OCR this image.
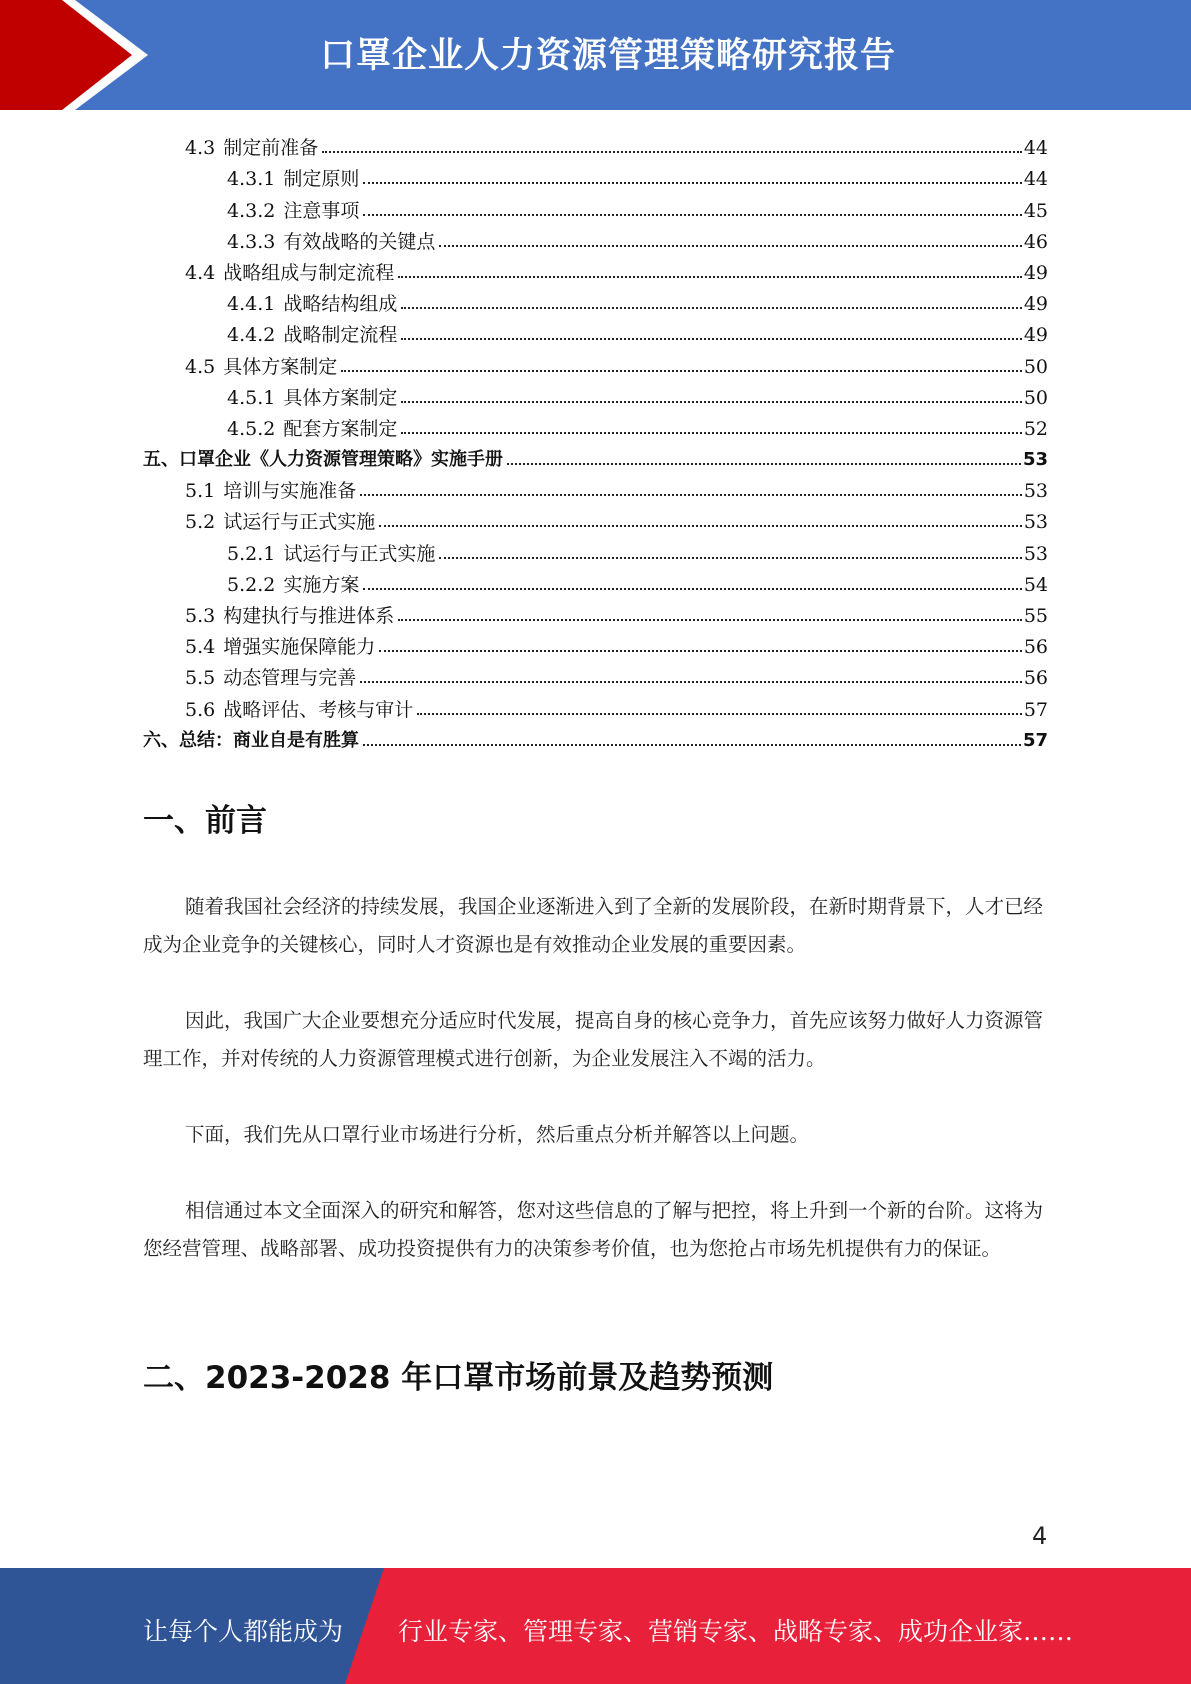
口罩企业人力资源管理策略研究报告
4.3 制定前准备	44
4.3.1 制定原则	44
4.3.2 注意事项	45
4.3.3 有效战略的关键点	46
4.4 战略组成与制定流程	49
4.4.1 战略结构组成	49
4.4.2 战略制定流程	49
4.5 具体方案制定	50
4.5.1 具体方案制定	50
4.5.2 配套方案制定	52
五、口罩企业《人力资源管理策略》实施手册	53
5.1 培训与实施准备	53
5.2 试运行与正式实施	53
5.2.1 试运行与正式实施	53
5.2.2 实施方案	54
5.3 构建执行与推进体系	55
5.4 增强实施保障能力	56
5.5 动态管理与完善	56
5.6 战略评估、考核与审计	57
六、总结：商业自是有胜算	57
一、前言
随着我国社会经济的持续发展，我国企业逐渐进入到了全新的发展阶段，在新时期背景下，人才已经成为企业竞争的关键核心，同时人才资源也是有效推动企业发展的重要因素。
因此，我国广大企业要想充分适应时代发展，提高自身的核心竞争力，首先应该努力做好人力资源管理工作，并对传统的人力资源管理模式进行创新，为企业发展注入不竭的活力。
下面，我们先从口罩行业市场进行分析，然后重点分析并解答以上问题。
相信通过本文全面深入的研究和解答，您对这些信息的了解与把控，将上升到一个新的台阶。这将为您经营管理、战略部署、成功投资提供有力的决策参考价值，也为您抢占市场先机提供有力的保证。
二、2023-2028 年口罩市场前景及趋势预测
4
让每个人都能成为 行业专家、管理专家、营销专家、战略专家、成功企业家……
